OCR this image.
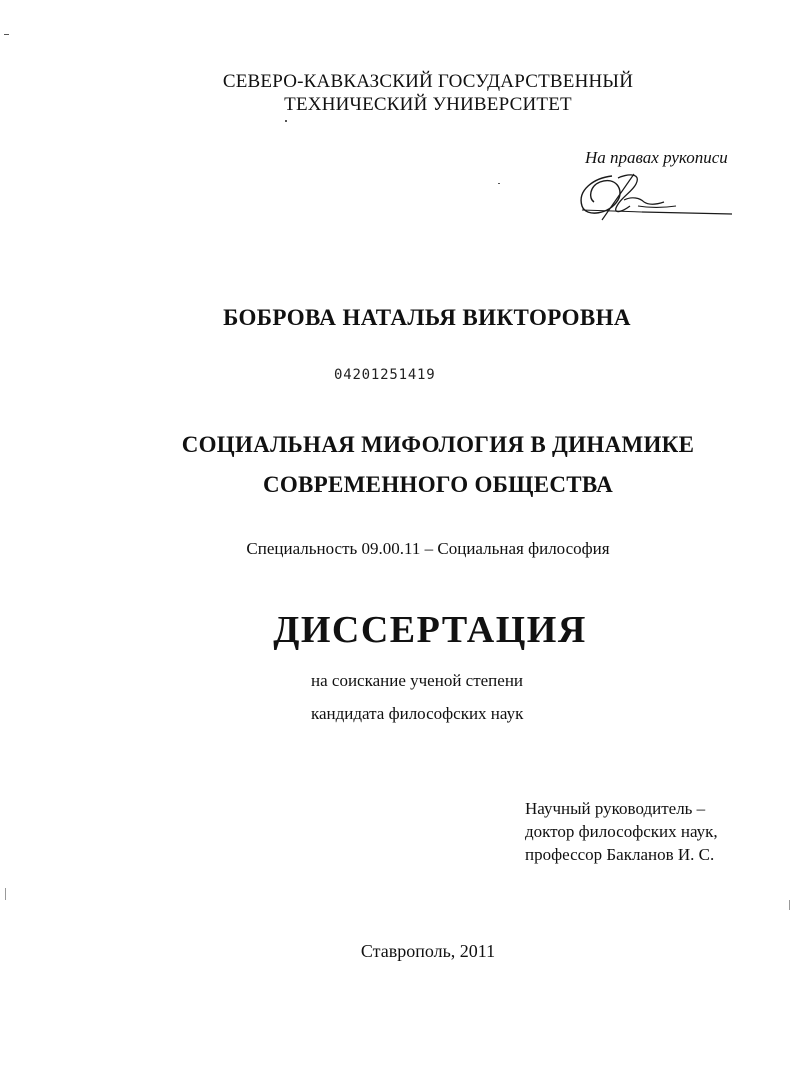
СЕВЕРО-КАВКАЗСКИЙ ГОСУДАРСТВЕННЫЙ
ТЕХНИЧЕСКИЙ УНИВЕРСИТЕТ
На правах рукописи
БОБРОВА НАТАЛЬЯ ВИКТОРОВНА
04201251419
СОЦИАЛЬНАЯ МИФОЛОГИЯ В ДИНАМИКЕ
СОВРЕМЕННОГО ОБЩЕСТВА
Специальность 09.00.11 – Социальная философия
ДИССЕРТАЦИЯ
на соискание ученой степени
кандидата философских наук
Научный руководитель –
доктор философских наук,
профессор Бакланов И. С.
Ставрополь, 2011
